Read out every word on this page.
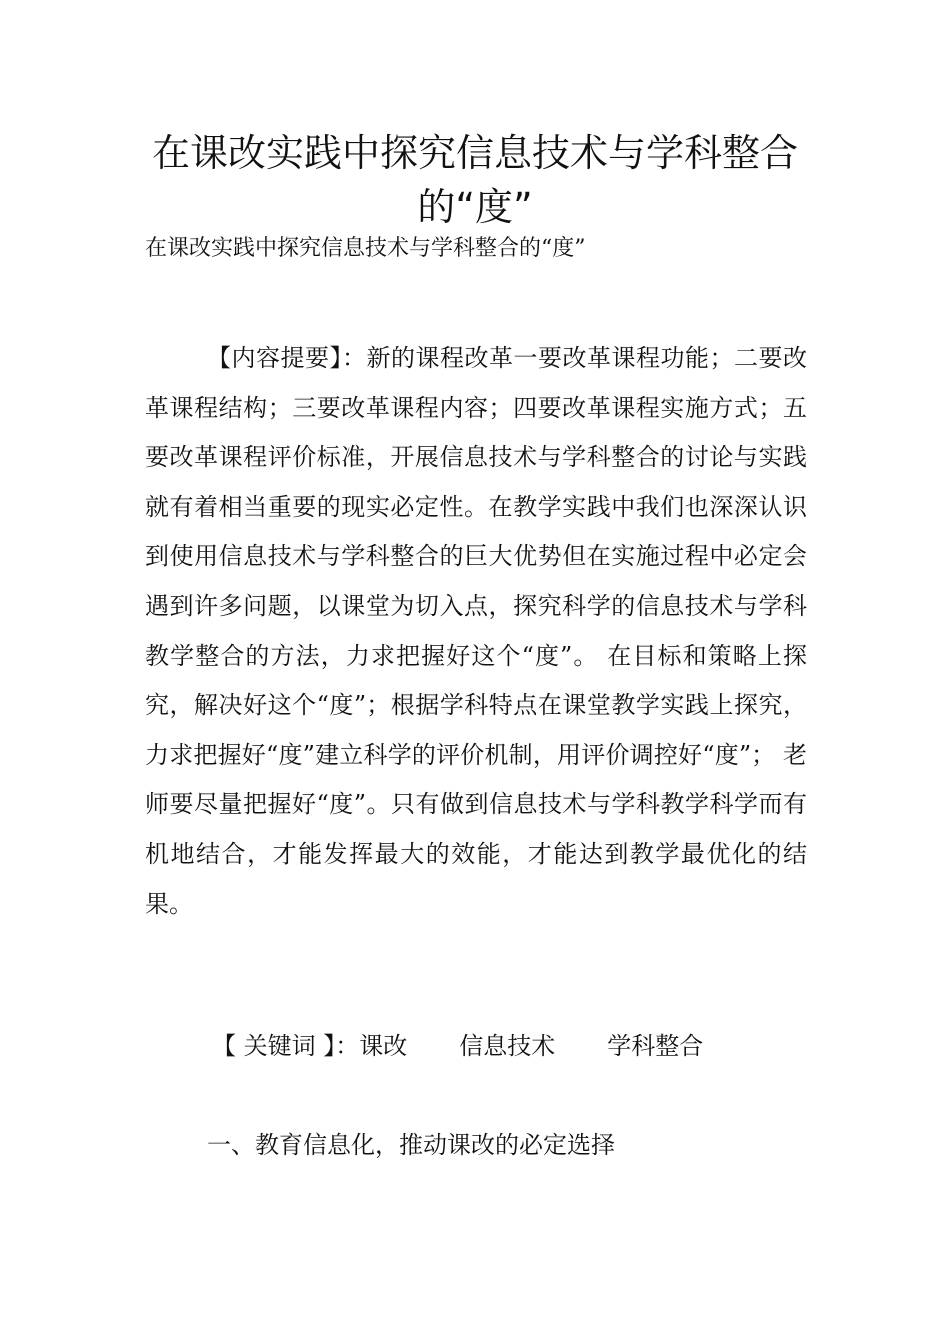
在课改实践中探究信息技术与学科整合的“度”

在课改实践中探究信息技术与学科整合的“度”

【内容提要】：新的课程改革一要改革课程功能；二要改革课程结构；三要改革课程内容；四要改革课程实施方式；五要改革课程评价标准，开展信息技术与学科整合的讨论与实践就有着相当重要的现实必定性。在教学实践中我们也深深认识到使用信息技术与学科整合的巨大优势但在实施过程中必定会遇到许多问题，以课堂为切入点，探究科学的信息技术与学科教学整合的方法，力求把握好这个“度”。 在目标和策略上探究，解决好这个“度”；根据学科特点在课堂教学实践上探究，力求把握好“度”建立科学的评价机制，用评价调控好“度”； 老师要尽量把握好“度”。只有做到信息技术与学科教学科学而有机地结合，才能发挥最大的效能，才能达到教学最优化的结果。

【 关键词 】：课改 信息技术 学科整合

一、教育信息化，推动课改的必定选择
